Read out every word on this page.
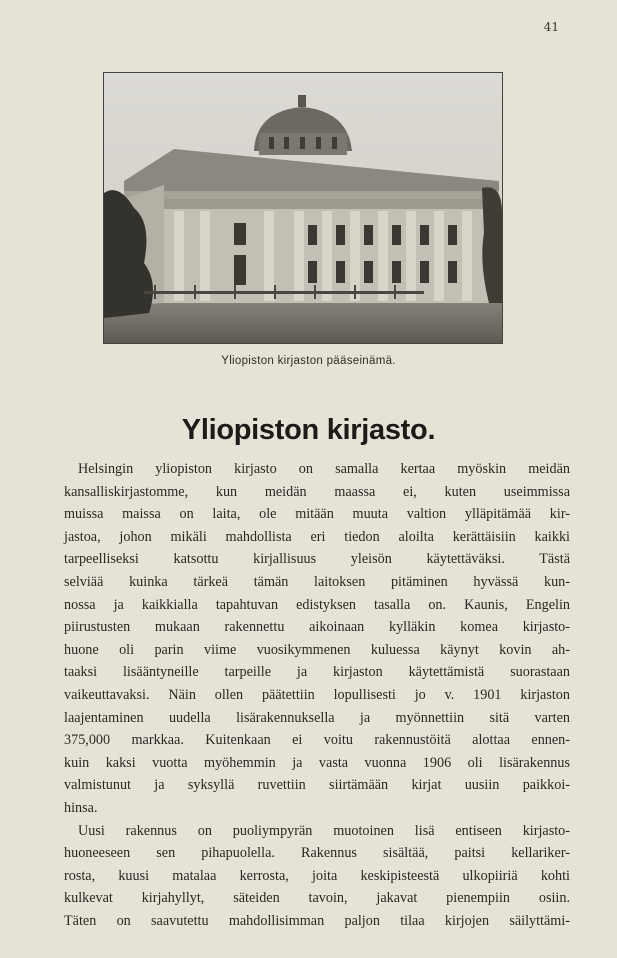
41
Yliopiston kirjaston pääseinämä.
Yliopiston kirjasto.
Helsingin yliopiston kirjasto on samalla kertaa myöskin meidän
kansalliskirjastomme, kun meidän maassa ei, kuten useimmissa
muissa maissa on laita, ole mitään muuta valtion ylläpitämää kir-
jastoa, johon mikäli mahdollista eri tiedon aloilta kerättäisiin kaikki
tarpeelliseksi katsottu kirjallisuus yleisön käytettäväksi. Tästä
selviää kuinka tärkeä tämän laitoksen pitäminen hyvässä kun-
nossa ja kaikkialla tapahtuvan edistyksen tasalla on. Kaunis, Engelin
piirustusten mukaan rakennettu aikoinaan kylläkin komea kirjasto-
huone oli parin viime vuosikymmenen kuluessa käynyt kovin ah-
taaksi lisääntyneille tarpeille ja kirjaston käytettämistä suorastaan
vaikeuttavaksi. Näin ollen päätettiin lopullisesti jo v. 1901 kirjaston
laajentaminen uudella lisärakennuksella ja myönnettiin sitä varten
375,000 markkaa. Kuitenkaan ei voitu rakennustöitä alottaa ennen-
kuin kaksi vuotta myöhemmin ja vasta vuonna 1906 oli lisärakennus
valmistunut ja syksyllä ruvettiin siirtämään kirjat uusiin paikkoi-
hinsa.
Uusi rakennus on puoliympyrän muotoinen lisä entiseen kirjasto-
huoneeseen sen pihapuolella. Rakennus sisältää, paitsi kellariker-
rosta, kuusi matalaa kerrosta, joita keskipisteestä ulkopiiriä kohti
kulkevat kirjahyllyt, säteiden tavoin, jakavat pienempiin osiin.
Täten on saavutettu mahdollisimman paljon tilaa kirjojen säilyttämi-
